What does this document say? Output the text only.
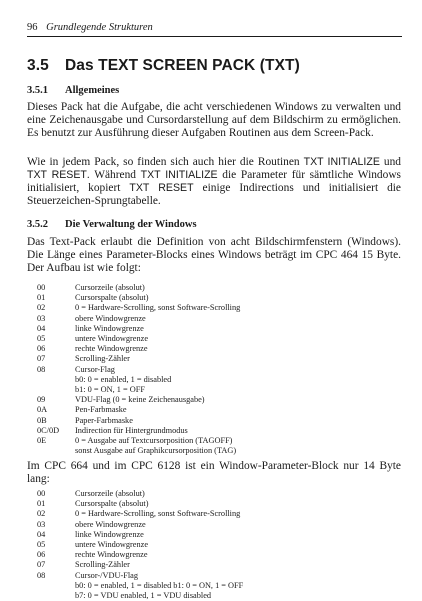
96 Grundlegende Strukturen
3.5 Das TEXT SCREEN PACK (TXT)
3.5.1 Allgemeines

Dieses Pack hat die Aufgabe, die acht verschiedenen Windows zu verwalten und eine Zeichenausgabe und Cursordarstellung auf dem Bildschirm zu ermöglichen. Es benutzt zur Ausführung dieser Aufgaben Routinen aus dem Screen-Pack.

Wie in jedem Pack, so finden sich auch hier die Routinen TXT INITIALIZE und TXT RESET. Während TXT INITIALIZE die Parameter für sämtliche Windows initialisiert, kopiert TXT RESET einige Indirections und initialisiert die Steuerzeichen-Sprungtabelle.

3.5.2 Die Verwaltung der Windows

Das Text-Pack erlaubt die Definition von acht Bildschirmfenstern (Windows). Die Länge eines Parameter-Blocks eines Windows beträgt im CPC 464 15 Byte. Der Aufbau ist wie folgt:

00	Cursorzeile (absolut)
01	Cursorspalte (absolut)
02	0 = Hardware-Scrolling, sonst Software-Scrolling
03	obere Windowgrenze
04	linke Windowgrenze
05	untere Windowgrenze
06	rechte Windowgrenze
07	Scrolling-Zähler
08	Cursor-Flag
b0: 0 = enabled, 1 = disabled
b1: 0 = ON, 1 = OFF
09	VDU-Flag (0 = keine Zeichenausgabe)
0A	Pen-Farbmaske
0B	Paper-Farbmaske
0C/0D	Indirection für Hintergrundmodus
0E	0 = Ausgabe auf Textcursorposition (TAGOFF)
sonst Ausgabe auf Graphikcursorposition (TAG)

Im CPC 664 und im CPC 6128 ist ein Window-Parameter-Block nur 14 Byte lang:

00	Cursorzeile (absolut)
01	Cursorspalte (absolut)
02	0 = Hardware-Scrolling, sonst Software-Scrolling
03	obere Windowgrenze
04	linke Windowgrenze
05	untere Windowgrenze
06	rechte Windowgrenze
07	Scrolling-Zähler
08	Cursor-/VDU-Flag
b0: 0 = enabled, 1 = disabled b1: 0 = ON, 1 = OFF
b7: 0 = VDU enabled, 1 = VDU disabled
